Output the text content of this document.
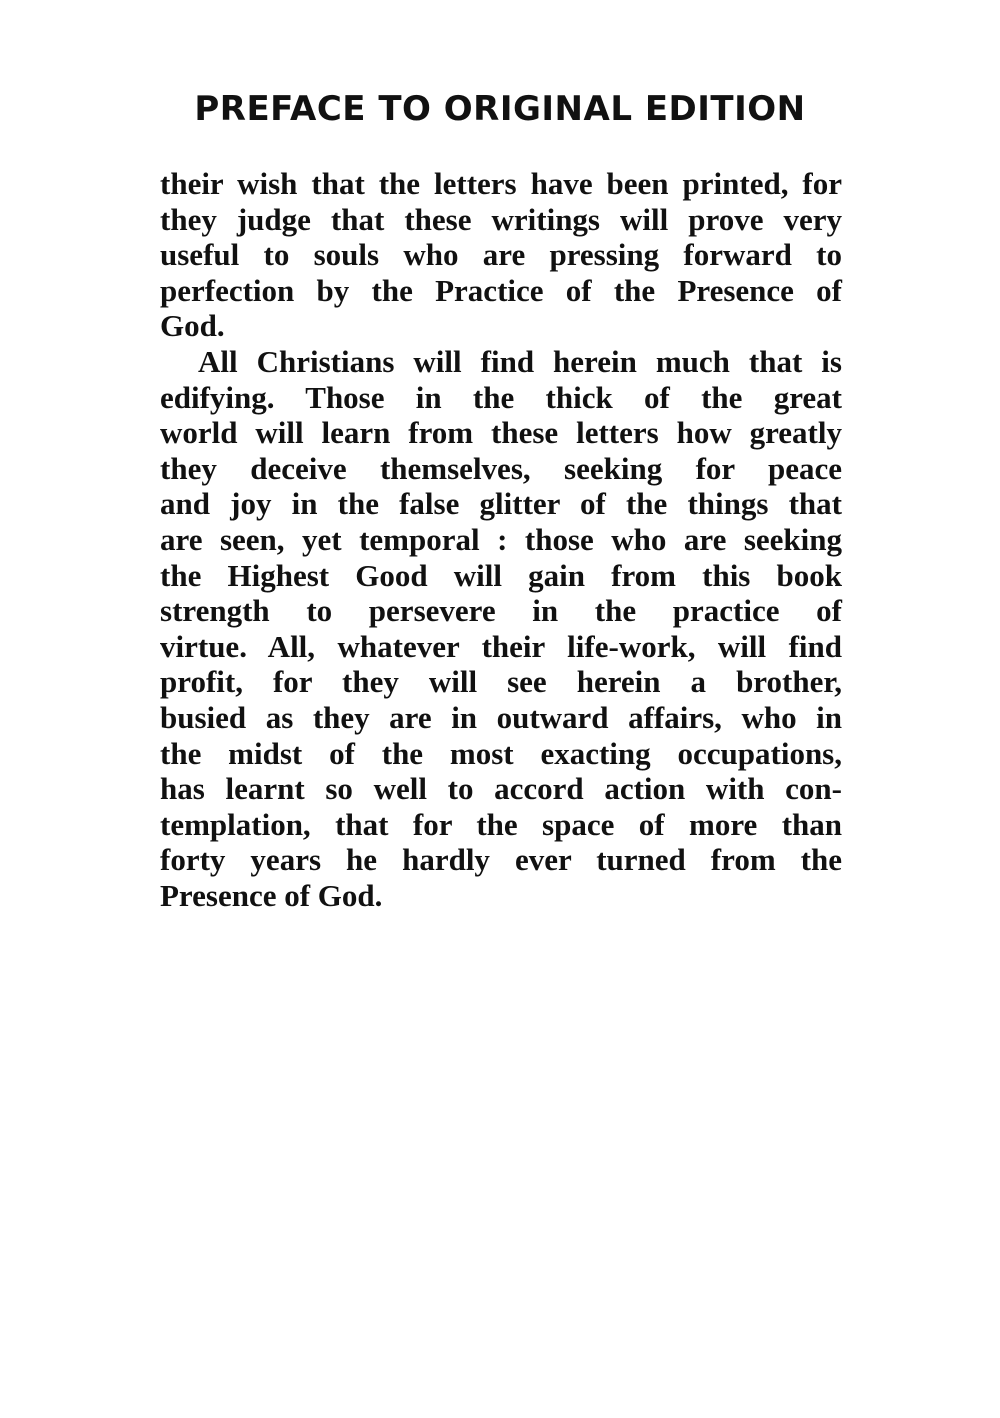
PREFACE TO ORIGINAL EDITION
their wish that the letters have been printed, for
they judge that these writings will prove very
useful to souls who are pressing forward to
perfection by the Practice of the Presence of
God.
All Christians will find herein much that is
edifying. Those in the thick of the great
world will learn from these letters how greatly
they deceive themselves, seeking for peace
and joy in the false glitter of the things that
are seen, yet temporal : those who are seeking
the Highest Good will gain from this book
strength to persevere in the practice of
virtue. All, whatever their life-work, will find
profit, for they will see herein a brother,
busied as they are in outward affairs, who in
the midst of the most exacting occupations,
has learnt so well to accord action with con-
templation, that for the space of more than
forty years he hardly ever turned from the
Presence of God.
